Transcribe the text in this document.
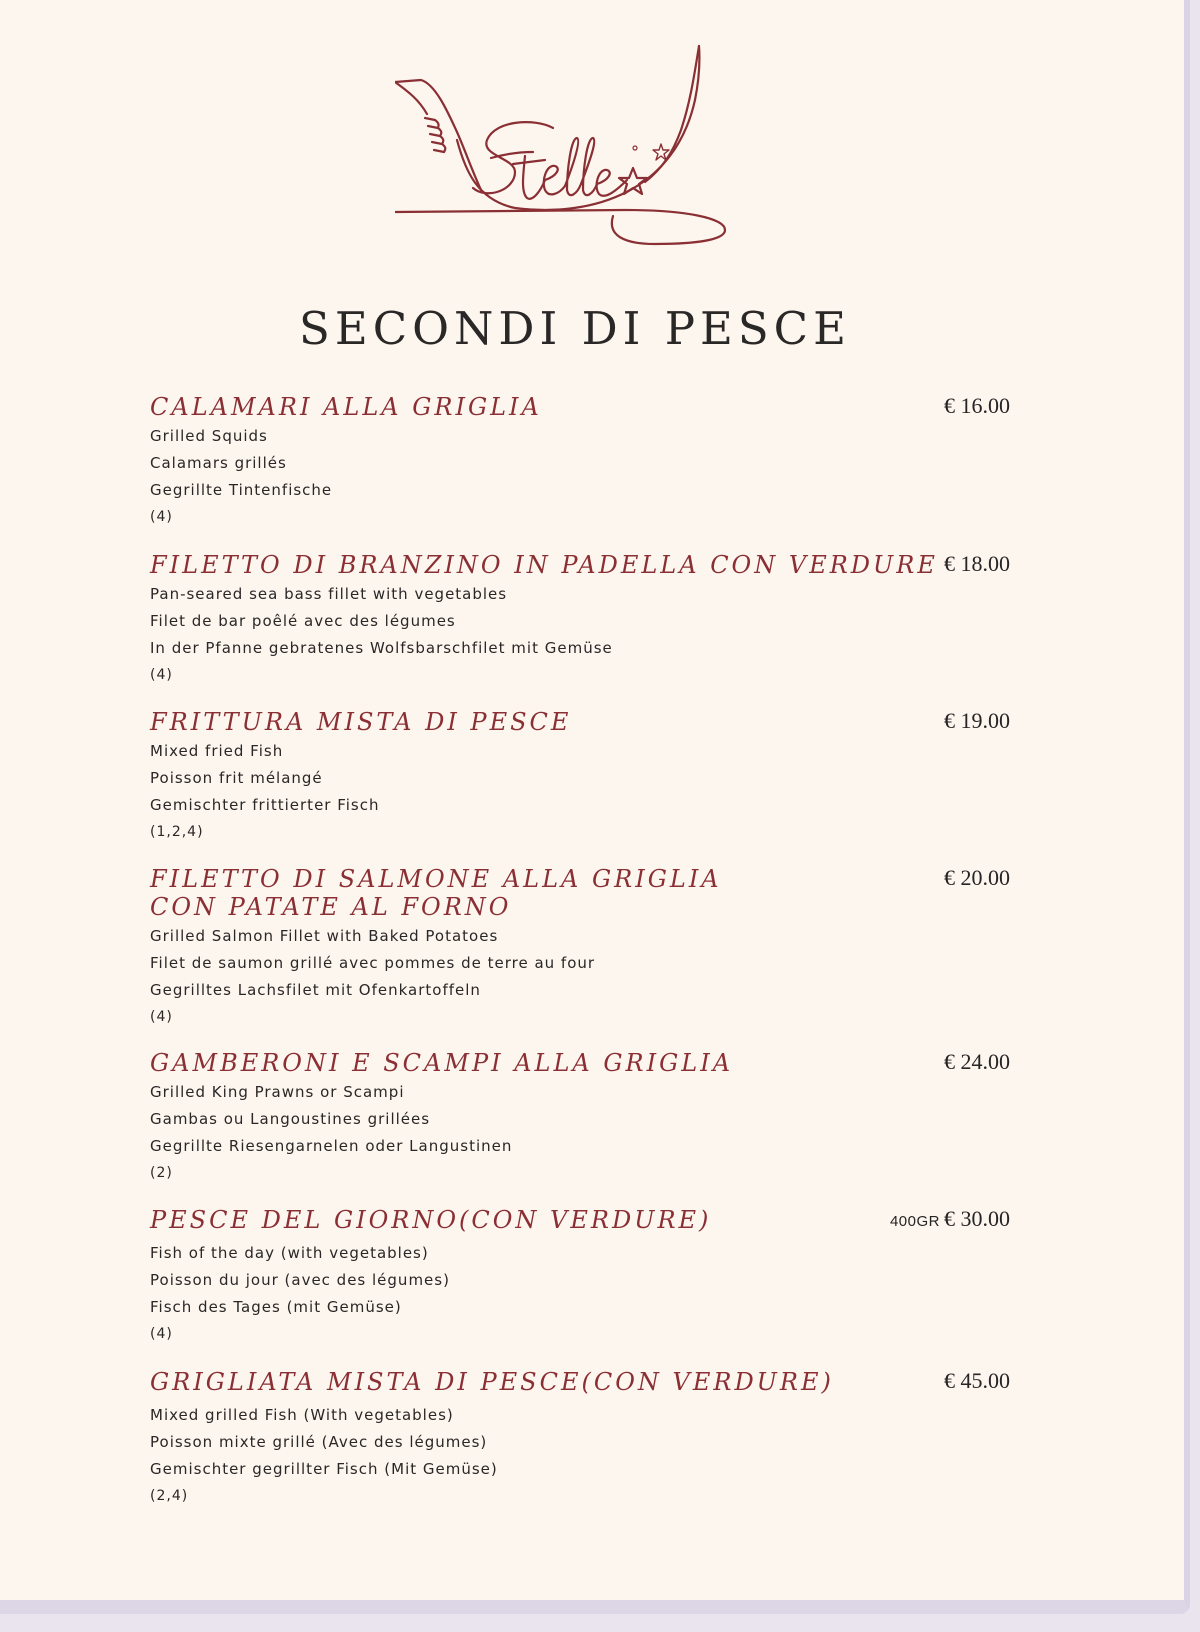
SECONDI DI PESCE
CALAMARI ALLA GRIGLIA	€ 16.00

Grilled Squids

Calamars grillés

Gegrillte Tintenfische

(4)

FILETTO DI BRANZINO IN PADELLA CON VERDURE € 18.00

Pan-seared sea bass fillet with vegetables

Filet de bar poêlé avec des légumes

In der Pfanne gebratenes Wolfsbarschfilet mit Gemüse

(4)

FRITTURA MISTA DI PESCE	€ 19.00

Mixed fried Fish

Poisson frit mélangé

Gemischter frittierter Fisch

(1,2,4)

FILETTO DI SALMONE ALLA GRIGLIA
CON PATATE AL FORNO
€ 20.00

Grilled Salmon Fillet with Baked Potatoes

Filet de saumon grillé avec pommes de terre au four

Gegrilltes Lachsfilet mit Ofenkartoffeln

(4)

GAMBERONI E SCAMPI ALLA GRIGLIA	€ 24.00

Grilled King Prawns or Scampi

Gambas ou Langoustines grillées

Gegrillte Riesengarnelen oder Langustinen

(2)

PESCE DEL GIORNO(CON VERDURE)	400GR € 30.00

Fish of the day (with vegetables)

Poisson du jour (avec des légumes)

Fisch des Tages (mit Gemüse)

(4)

GRIGLIATA MISTA DI PESCE(CON VERDURE)	€ 45.00

Mixed grilled Fish (With vegetables)

Poisson mixte grillé (Avec des légumes)

Gemischter gegrillter Fisch (Mit Gemüse)

(2,4)
